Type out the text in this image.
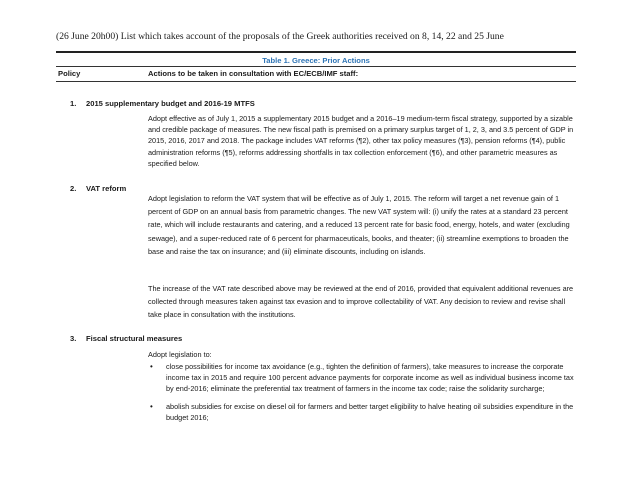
(26 June 20h00) List which takes account of the proposals of the Greek authorities received on 8, 14, 22 and 25 June
Table 1. Greece: Prior Actions
Policy	Actions to be taken in consultation with EC/ECB/IMF staff:
1. 2015 supplementary budget and 2016-19 MTFS

Adopt effective as of July 1, 2015 a supplementary 2015 budget and a 2016–19 medium-term fiscal strategy, supported by a sizable and credible package of measures. The new fiscal path is premised on a primary surplus target of 1, 2, 3, and 3.5 percent of GDP in 2015, 2016, 2017 and 2018. The package includes VAT reforms (¶2), other tax policy measures (¶3), pension reforms (¶4), public administration reforms (¶5), reforms addressing shortfalls in tax collection enforcement (¶6), and other parametric measures as specified below.

2. VAT reform

Adopt legislation to reform the VAT system that will be effective as of July 1, 2015. The reform will target a net revenue gain of 1 percent of GDP on an annual basis from parametric changes. The new VAT system will: (i) unify the rates at a standard 23 percent rate, which will include restaurants and catering, and a reduced 13 percent rate for basic food, energy, hotels, and water (excluding sewage), and a super-reduced rate of 6 percent for pharmaceuticals, books, and theater; (ii) streamline exemptions to broaden the base and raise the tax on insurance; and (iii) eliminate discounts, including on islands.

The increase of the VAT rate described above may be reviewed at the end of 2016, provided that equivalent additional revenues are collected through measures taken against tax evasion and to improve collectability of VAT. Any decision to review and revise shall take place in consultation with the institutions.

3. Fiscal structural measures

Adopt legislation to:

• close possibilities for income tax avoidance (e.g., tighten the definition of farmers), take measures to increase the corporate income tax in 2015 and require 100 percent advance payments for corporate income as well as individual business income tax by end-2016; eliminate the preferential tax treatment of farmers in the income tax code; raise the solidarity surcharge;
• abolish subsidies for excise on diesel oil for farmers and better target eligibility to halve heating oil subsidies expenditure in the budget 2016;
